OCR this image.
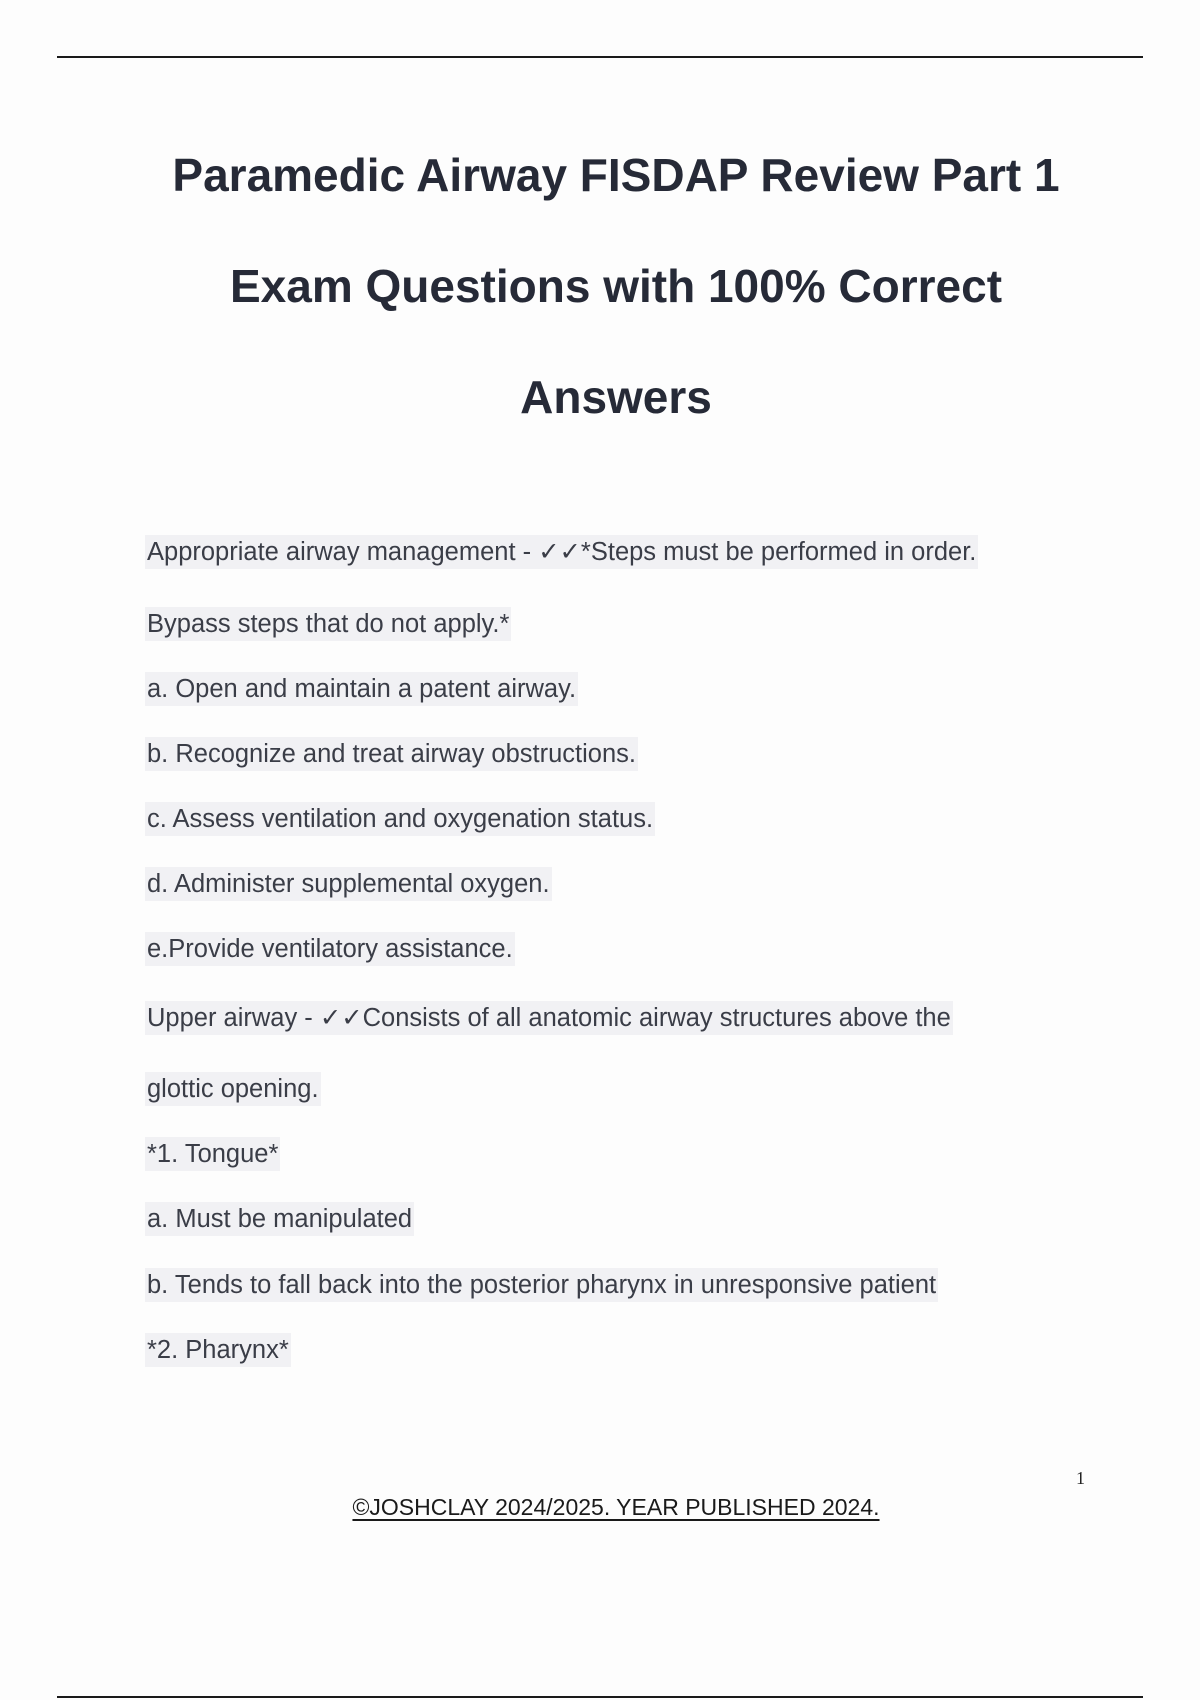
Paramedic Airway FISDAP Review Part 1
Exam Questions with 100% Correct
Answers
Appropriate airway management - ✓✓*Steps must be performed in order.
Bypass steps that do not apply.*
a. Open and maintain a patent airway.
b. Recognize and treat airway obstructions.
c. Assess ventilation and oxygenation status.
d. Administer supplemental oxygen.
e.Provide ventilatory assistance.
Upper airway - ✓✓Consists of all anatomic airway structures above the
glottic opening.
*1. Tongue*
a. Must be manipulated
b. Tends to fall back into the posterior pharynx in unresponsive patient
*2. Pharynx*
1
©JOSHCLAY 2024/2025. YEAR PUBLISHED 2024.
